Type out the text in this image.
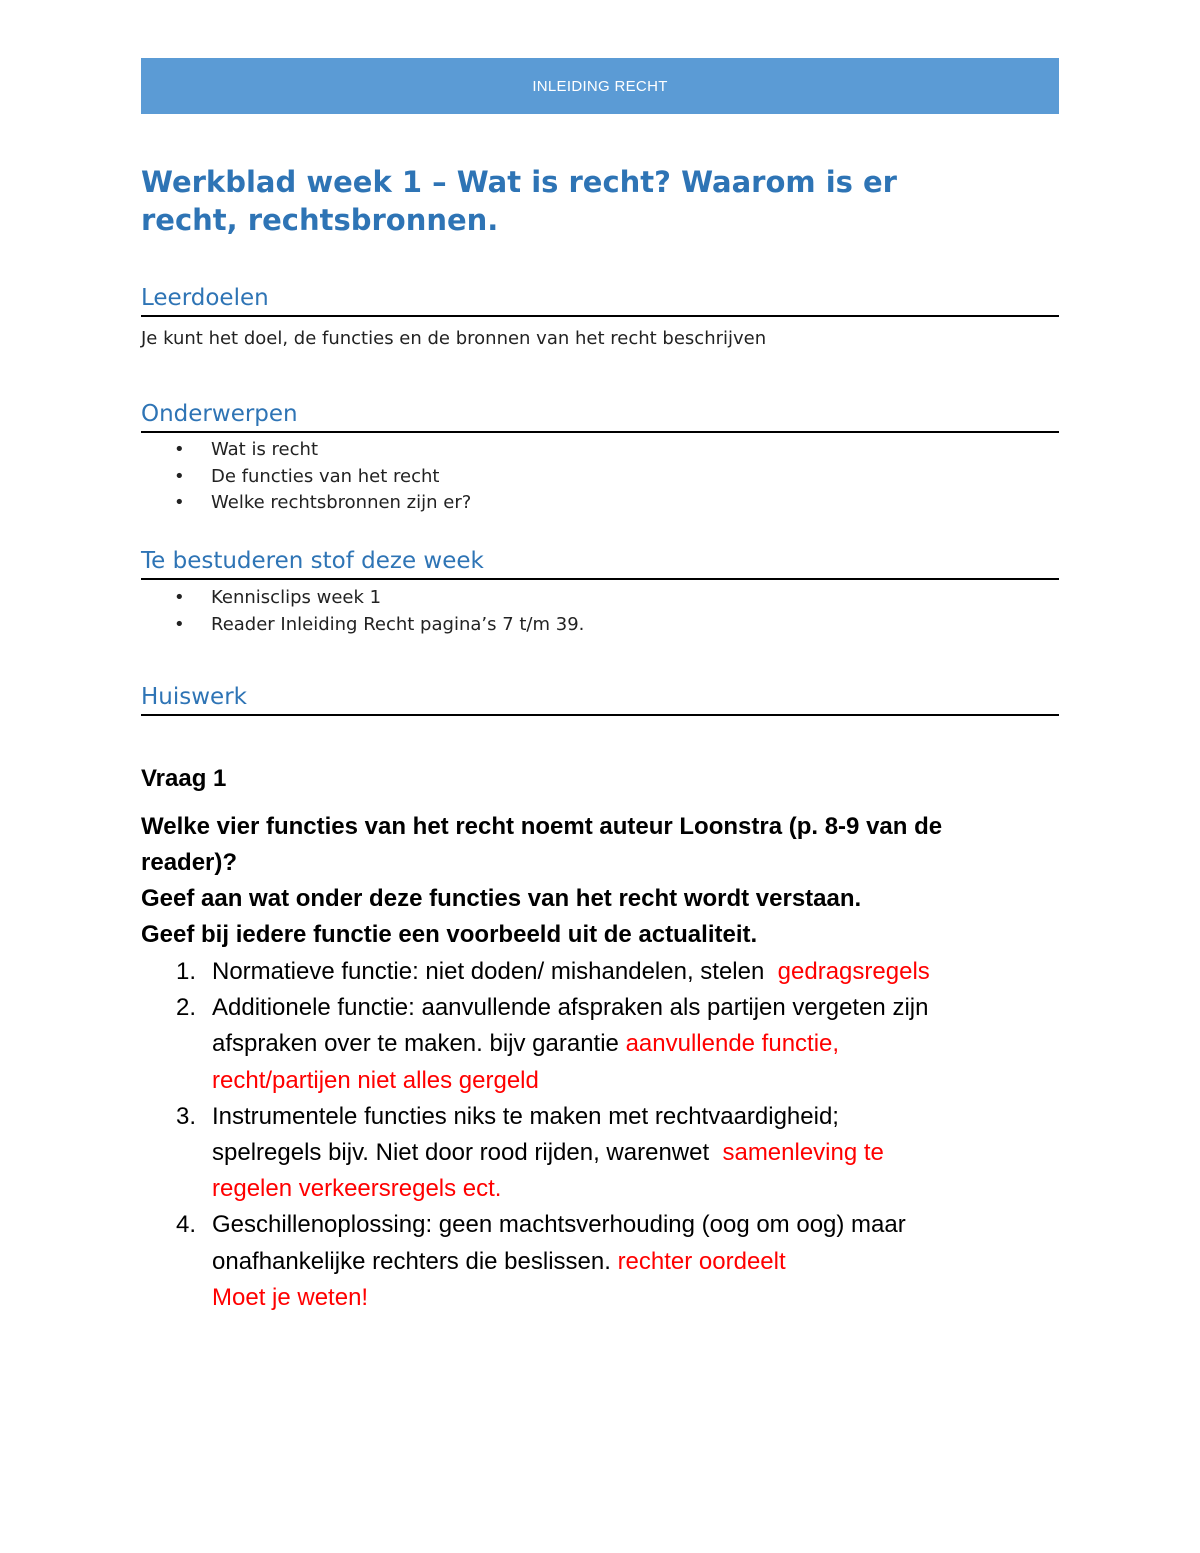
INLEIDING RECHT
Werkblad week 1 – Wat is recht? Waarom is er
recht, rechtsbronnen.
Leerdoelen
Je kunt het doel, de functies en de bronnen van het recht beschrijven
Onderwerpen
• Wat is recht
• De functies van het recht
• Welke rechtsbronnen zijn er?
Te bestuderen stof deze week
• Kennisclips week 1
• Reader Inleiding Recht pagina’s 7 t/m 39.
Huiswerk
Vraag 1
Welke vier functies van het recht noemt auteur Loonstra (p. 8-9 van de
reader)?
Geef aan wat onder deze functies van het recht wordt verstaan.
Geef bij iedere functie een voorbeeld uit de actualiteit.
1. Normatieve functie: niet doden/ mishandelen, stelen  gedragsregels
2. Additionele functie: aanvullende afspraken als partijen vergeten zijn
afspraken over te maken. bijv garantie aanvullende functie,
recht/partijen niet alles gergeld
3. Instrumentele functies niks te maken met rechtvaardigheid;
spelregels bijv. Niet door rood rijden, warenwet  samenleving te
regelen verkeersregels ect.
4. Geschillenoplossing: geen machtsverhouding (oog om oog) maar
onafhankelijke rechters die beslissen. rechter oordeelt
Moet je weten!
